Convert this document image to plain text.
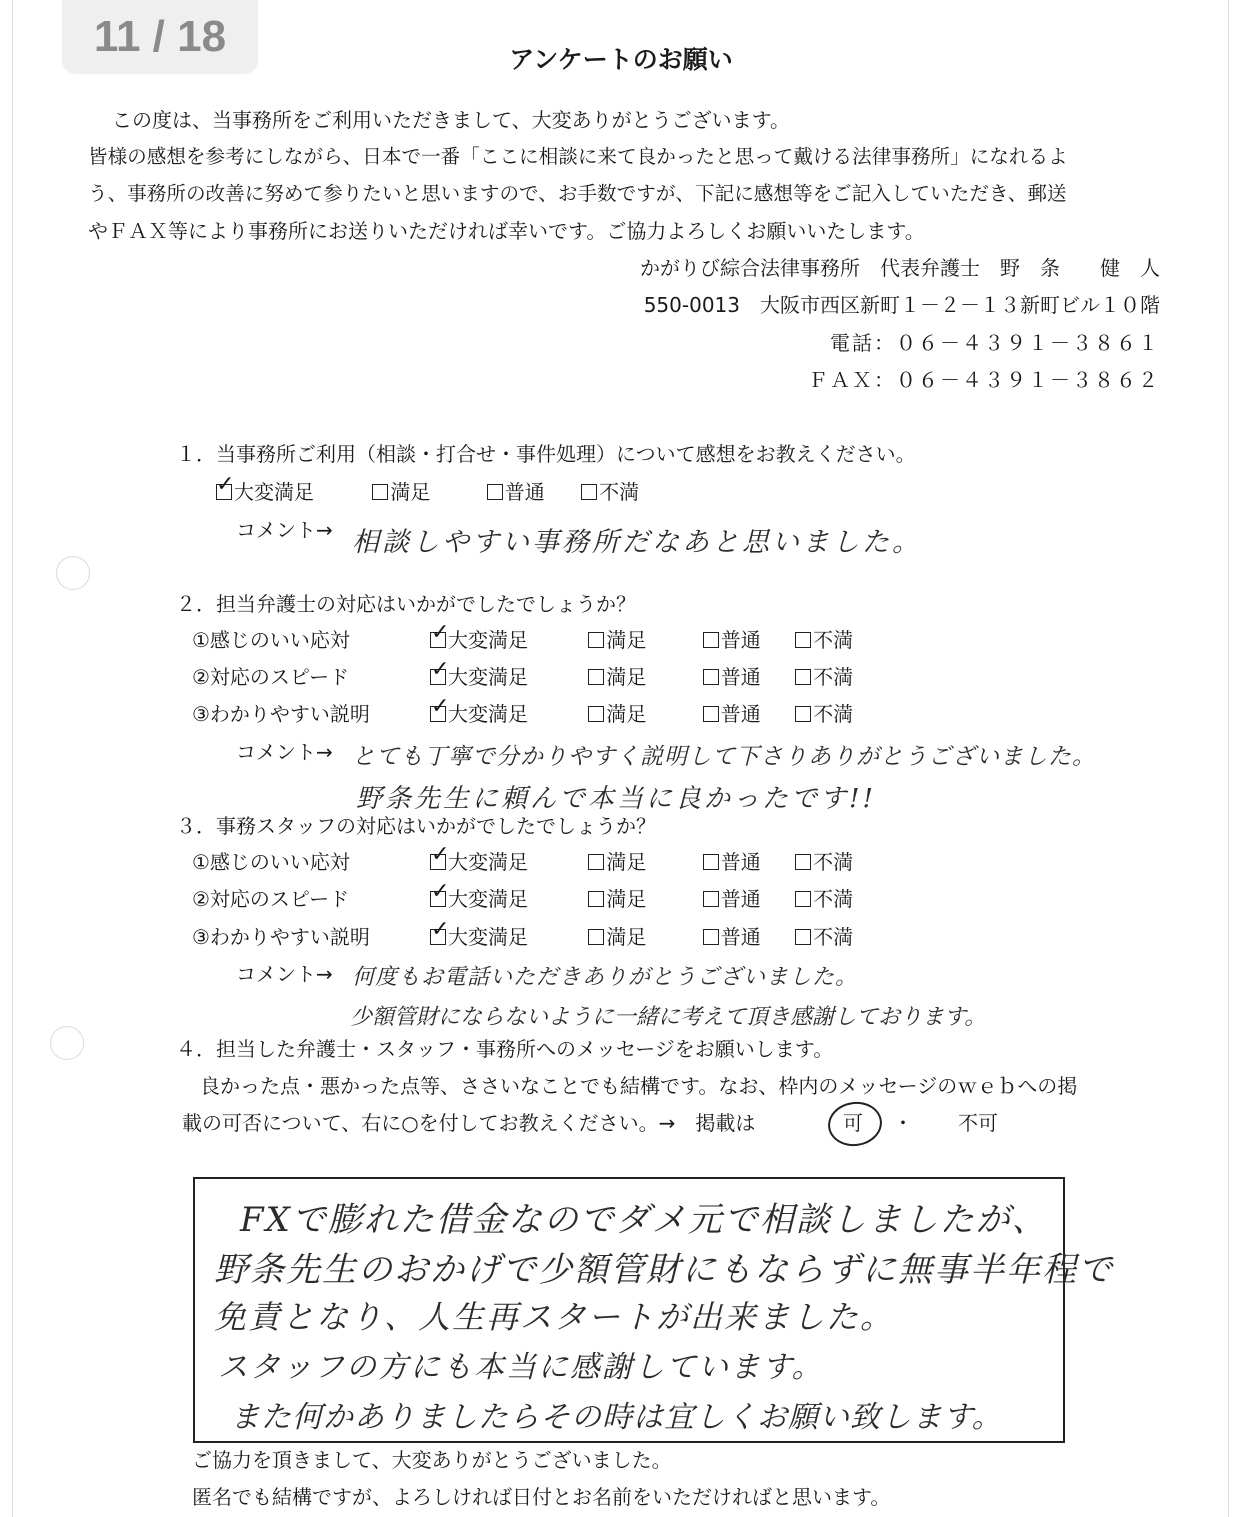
11 / 18	アンケートのお願い
この度は、当事務所をご利用いただきまして、大変ありがとうございます。
皆様の感想を参考にしながら、日本で一番「ここに相談に来て良かったと思って戴ける法律事務所」になれるよ
う、事務所の改善に努めて参りたいと思いますので、お手数ですが、下記に感想等をご記入していただき、郵送
やＦＡＸ等により事務所にお送りいただければ幸いです。ご協力よろしくお願いいたします。
かがりび綜合法律事務所　代表弁護士　野　条　　健　人
550-0013　大阪市西区新町１－２－１３新町ビル１０階
電話：０６－４３９１－３８６１
ＦＡＸ：０６－４３９１－３８６２
１．当事務所ご利用（相談・打合せ・事件処理）について感想をお教えください。
大変満足	満足	普通	不満
✓
コメント→ 相談しやすい事務所だなあと思いました。
２．担当弁護士の対応はいかがでしたでしょうか？
①感じのいい応対	大変満足	満足	普通	不満
✓
②対応のスピード	大変満足	満足	普通	不満
✓
③わかりやすい説明	大変満足	満足	普通	不満
✓
コメント→ とても丁寧で分かりやすく説明して下さりありがとうございました。
野条先生に頼んで本当に良かったです!!
３．事務スタッフの対応はいかがでしたでしょうか？
①感じのいい応対	大変満足	満足	普通	不満
✓
②対応のスピード	大変満足	満足	普通	不満
✓
③わかりやすい説明	大変満足	満足	普通	不満
✓
コメント→ 何度もお電話いただきありがとうございました。
少額管財にならないように一緒に考えて頂き感謝しております。
４．担当した弁護士・スタッフ・事務所へのメッセージをお願いします。
良かった点・悪かった点等、ささいなことでも結構です。なお、枠内のメッセージのｗｅｂへの掲
載の可否について、右に○を付してお教えください。→　掲載は	可 ・ 不可
FXで膨れた借金なのでダメ元で相談しましたが、
野条先生のおかげで少額管財にもならずに無事半年程で
免責となり、人生再スタートが出来ました。
スタッフの方にも本当に感謝しています。
また何かありましたらその時は宜しくお願い致します。
ご協力を頂きまして、大変ありがとうございました。
匿名でも結構ですが、よろしければ日付とお名前をいただければと思います。
